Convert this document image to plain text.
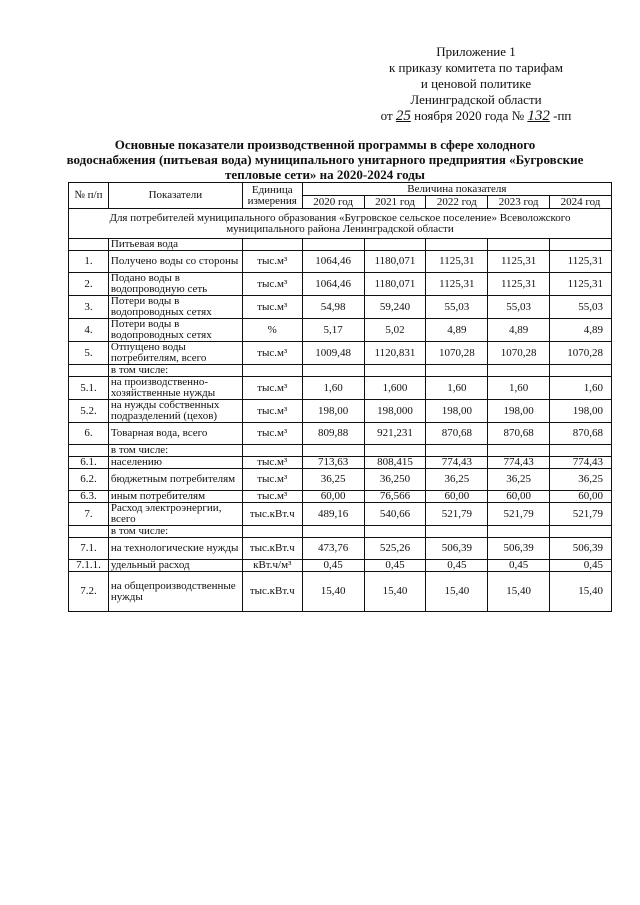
Приложение 1
к приказу комитета по тарифам
и ценовой политике
Ленинградской области
от 25 ноября 2020 года № 132 -пп
Основные показатели производственной программы в сфере холодного
водоснабжения (питьевая вода) муниципального унитарного предприятия «Бугровские
тепловые сети» на 2020-2024 годы
№ п/п	Показатели	Единица измерения	Величина показателя				
			2020 год	2021 год	2022 год	2023 год	2024 год
Для потребителей муниципального образования «Бугровское сельское поселение» Всеволожского муниципального района Ленинградской области							
	Питьевая вода						
1.	Получено воды со стороны	тыс.м³	1064,46	1180,071	1125,31	1125,31	1125,31
2.	Подано воды в водопроводную сеть	тыс.м³	1064,46	1180,071	1125,31	1125,31	1125,31
3.	Потери воды в водопроводных сетях	тыс.м³	54,98	59,240	55,03	55,03	55,03
4.	Потери воды в водопроводных сетях	%	5,17	5,02	4,89	4,89	4,89
5.	Отпущено воды потребителям, всего	тыс.м³	1009,48	1120,831	1070,28	1070,28	1070,28
	в том числе:						
5.1.	на производственно-хозяйственные нужды	тыс.м³	1,60	1,600	1,60	1,60	1,60
5.2.	на нужды собственных подразделений (цехов)	тыс.м³	198,00	198,000	198,00	198,00	198,00
6.	Товарная вода, всего	тыс.м³	809,88	921,231	870,68	870,68	870,68
	в том числе:						
6.1.	населению	тыс.м³	713,63	808,415	774,43	774,43	774,43
6.2.	бюджетным потребителям	тыс.м³	36,25	36,250	36,25	36,25	36,25
6.3.	иным потребителям	тыс.м³	60,00	76,566	60,00	60,00	60,00
7.	Расход электроэнергии, всего	тыс.кВт.ч	489,16	540,66	521,79	521,79	521,79
	в том числе:						
7.1.	на технологические нужды	тыс.кВт.ч	473,76	525,26	506,39	506,39	506,39
7.1.1.	удельный расход	кВт.ч/м³	0,45	0,45	0,45	0,45	0,45
7.2.	на общепроизводственные нужды	тыс.кВт.ч	15,40	15,40	15,40	15,40	15,40
